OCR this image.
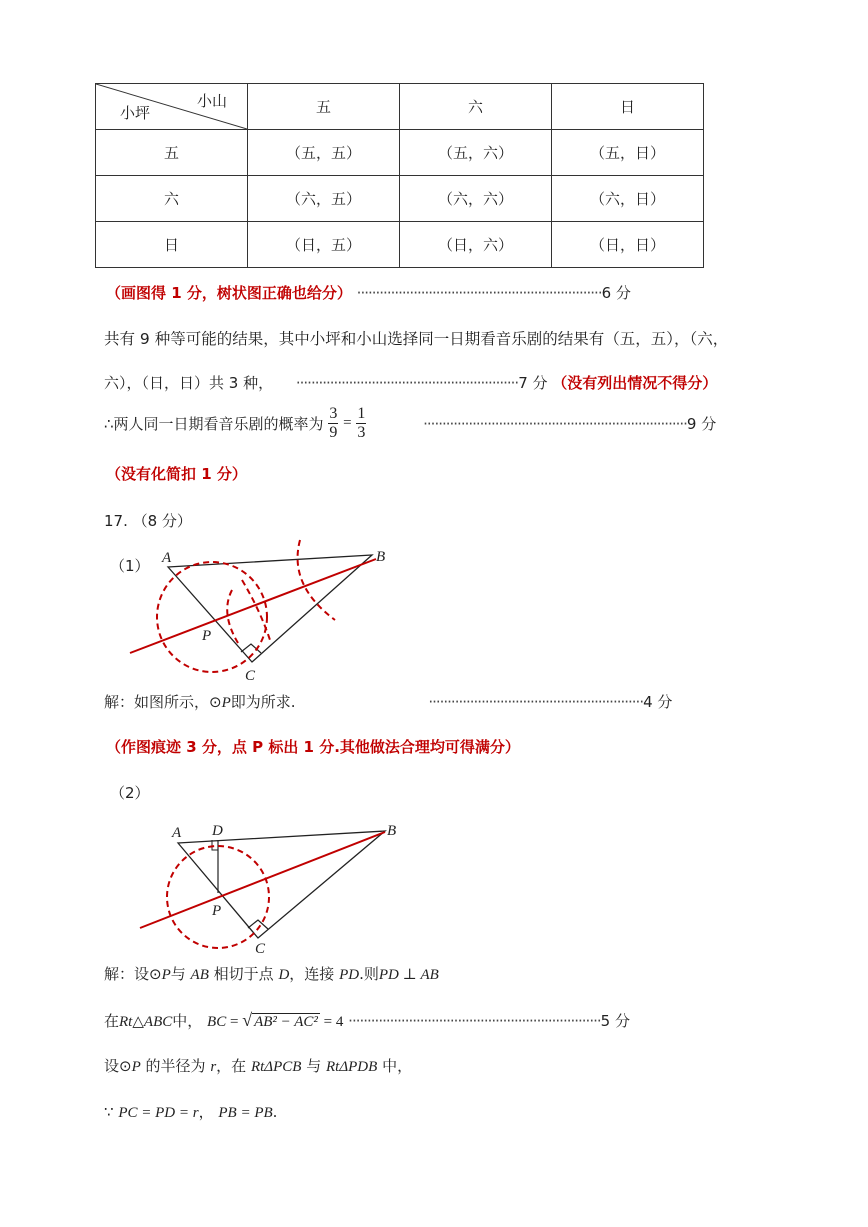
小山
小坪	五	六	日
五	（五，五）	（五，六）	（五，日）
六	（六，五）	（六，六）	（六，日）
日	（日，五）	（日，六）	（日，日）
（画图得 1 分，树状图正确也给分） ·································································6 分
共有 9 种等可能的结果，其中小坪和小山选择同一日期看音乐剧的结果有（五，五），（六，
六），（日，日）共 3 种， ···························································7 分 （没有列出情况不得分）
∴两人同一日期看音乐剧的概率为 $\frac{3}{9} = \frac{1}{3}$	······································································9 分
（没有化简扣 1 分）
17. （8 分）
（1） A	B
P
C
解：如图所示，⊙P即为所求.	·························································4 分
（作图痕迹 3 分，点 P 标出 1 分.其他做法合理均可得满分）
（2）
A D	B
P
C
解：设⊙P与 AB 相切于点 D，连接 PD.则PD ⊥ AB
在Rt△ABC中， BC = √ AB² − AC² = 4 ···································································5 分
设⊙P 的半径为 r，在 RtΔPCB 与 RtΔPDB 中，
∵ PC = PD = r， PB = PB.
